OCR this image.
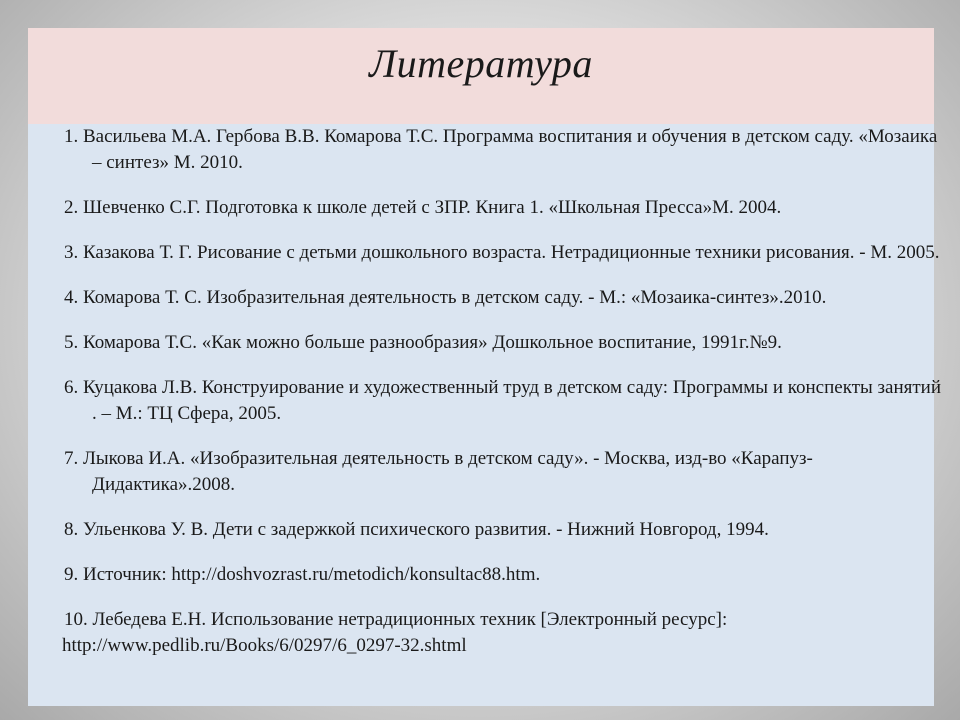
Литература
1. Васильева М.А. Гербова В.В. Комарова Т.С. Программа воспитания и обучения в детском саду. «Мозаика – синтез» М. 2010.
2. Шевченко С.Г. Подготовка к школе детей с ЗПР. Книга 1. «Школьная Пресса»М. 2004.
3. Казакова Т. Г. Рисование с детьми дошкольного возраста. Нетрадиционные техники рисования. - М. 2005.
4. Комарова Т. С. Изобразительная деятельность в детском саду. - М.: «Мозаика-синтез».2010.
5. Комарова Т.С. «Как можно больше разнообразия» Дошкольное воспитание, 1991г.№9.
6. Куцакова Л.В. Конструирование и художественный труд в детском саду: Программы и конспекты занятий . – М.: ТЦ Сфера, 2005.
7. Лыкова И.А. «Изобразительная деятельность в детском саду». - Москва, изд-во «Карапуз-Дидактика».2008.
8. Ульенкова У. В. Дети с задержкой психического развития. - Нижний Новгород, 1994.
9. Источник: http://doshvozrast.ru/metodich/konsultac88.htm.
10. Лебедева Е.Н. Использование нетрадиционных техник [Электронный ресурс]:
http://www.pedlib.ru/Books/6/0297/6_0297-32.shtml
